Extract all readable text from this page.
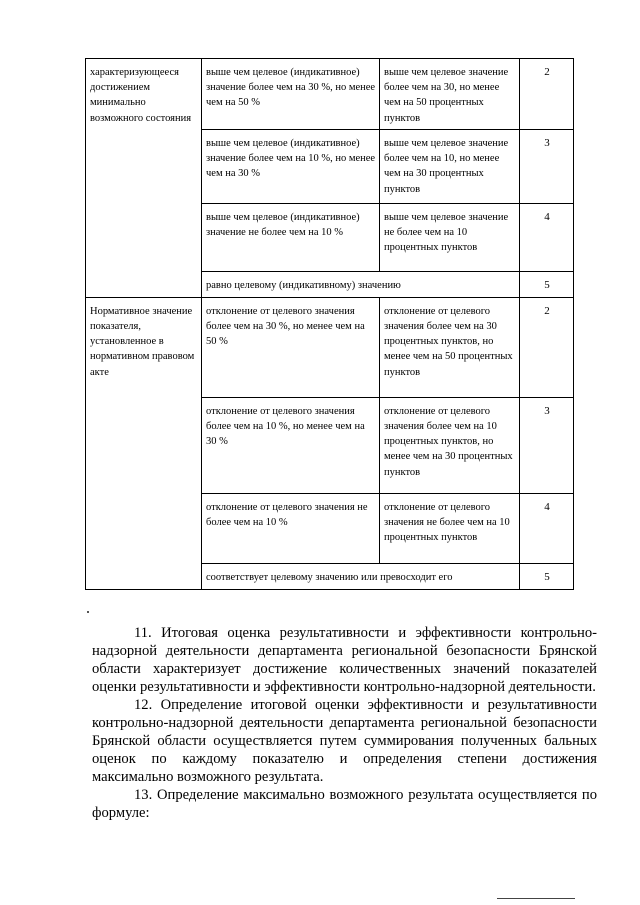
характеризующееся достижением минимально возможного состояния	выше чем целевое (индикативное) значение более чем на 30 %, но менее чем на 50 %	выше чем целевое значение более чем на 30, но менее чем на 50 процентных пунктов	2
	выше чем целевое (индикативное) значение более чем на 10 %, но менее чем на 30 %	выше чем целевое значение более чем на 10, но менее чем на 30 процентных пунктов	3
	выше чем целевое (индикативное) значение не более чем на 10 %	выше чем целевое значение не более чем на 10 процентных пунктов	4
	равно целевому (индикативному) значению		5
Нормативное значение показателя, установленное в нормативном правовом акте	отклонение от целевого значения более чем на 30 %, но менее чем на 50 %	отклонение от целевого значения более чем на 30 процентных пунктов, но менее чем на 50 процентных пунктов	2
	отклонение от целевого значения более чем на 10 %, но менее чем на 30 %	отклонение от целевого значения более чем на 10 процентных пунктов, но менее чем на 30 процентных пунктов	3
	отклонение от целевого значения не более чем на 10 %	отклонение от целевого значения не более чем на 10 процентных пунктов	4
	соответствует целевому значению или превосходит его		5

11. Итоговая оценка результативности и эффективности контрольно-надзорной деятельности департамента региональной безопасности Брянской области характеризует достижение количественных значений показателей оценки результативности и эффективности контрольно-надзорной деятельности.

12. Определение итоговой оценки эффективности и результативности контрольно-надзорной деятельности департамента региональной безопасности Брянской области осуществляется путем суммирования полученных бальных оценок по каждому показателю и определения степени достижения максимально возможного результата.

13. Определение максимально возможного результата осуществляется по формуле:
